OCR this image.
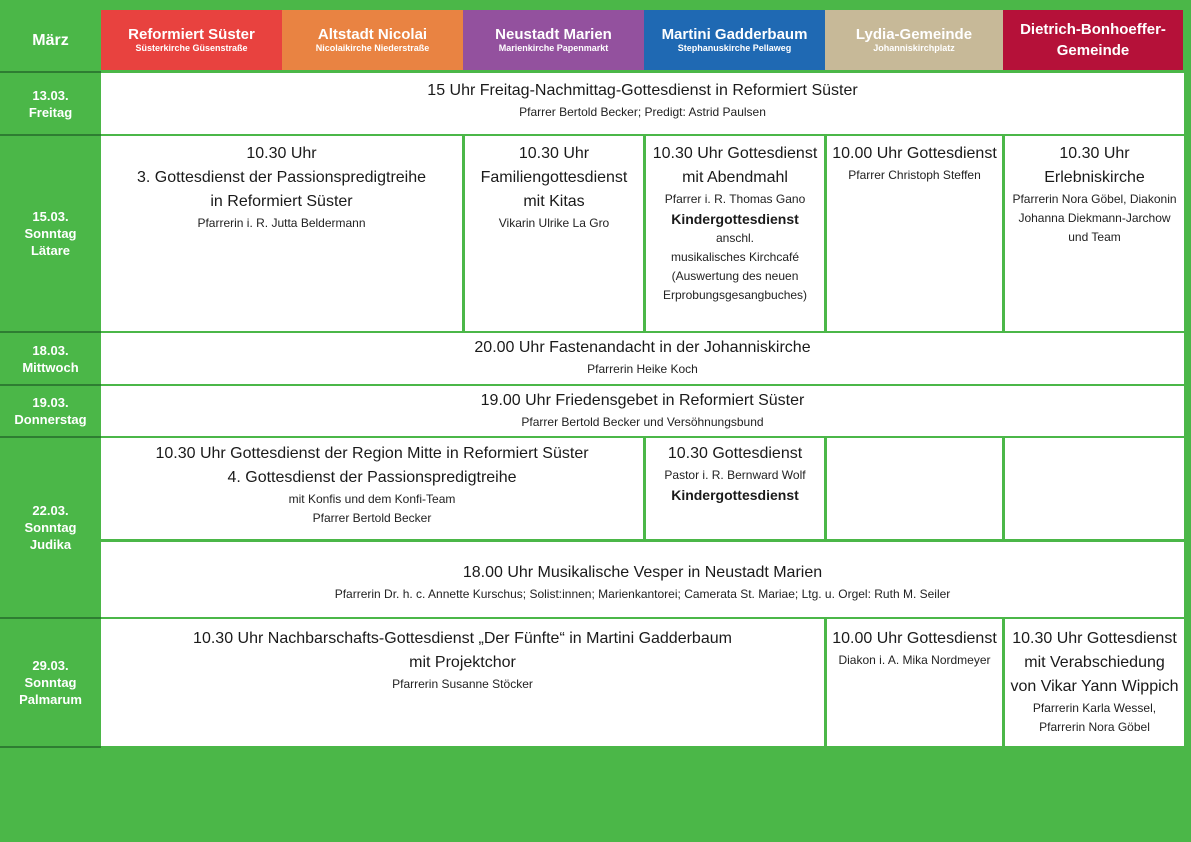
März	Reformiert Süster
Süsterkirche Güsenstraße
Altstadt Nicolai
Nicolaikirche Niederstraße
Neustadt Marien
Marienkirche Papenmarkt
Martini Gadderbaum
Stephanuskirche Pellaweg
Lydia-Gemeinde
Johanniskirchplatz
Dietrich-Bonhoeffer-Gemeinde
13.03.
Freitag
15 Uhr Freitag-Nachmittag-Gottesdienst in Reformiert Süster
Pfarrer Bertold Becker; Predigt: Astrid Paulsen
15.03.
Sonntag
Lätare
10.30 Uhr
3. Gottesdienst der Passionspredigtreihe
in Reformiert Süster
Pfarrerin i. R. Jutta Beldermann
10.30 Uhr
Familiengottesdienst
mit Kitas
Vikarin Ulrike La Gro
10.30 Uhr Gottesdienst
mit Abendmahl
Pfarrer i. R. Thomas Gano
Kindergottesdienst
anschl.
musikalisches Kirchcafé
(Auswertung des neuen
Erprobungsgesangbuches)
10.00 Uhr Gottesdienst
Pfarrer Christoph Steffen
10.30 Uhr
Erlebniskirche
Pfarrerin Nora Göbel, Diakonin
Johanna Diekmann-Jarchow
und Team
18.03.
Mittwoch
20.00 Uhr Fastenandacht in der Johanniskirche
Pfarrerin Heike Koch
19.03.
Donnerstag
19.00 Uhr Friedensgebet in Reformiert Süster
Pfarrer Bertold Becker und Versöhnungsbund
22.03.
Sonntag
Judika
10.30 Uhr Gottesdienst der Region Mitte in Reformiert Süster
4. Gottesdienst der Passionspredigtreihe
mit Konfis und dem Konfi-Team
Pfarrer Bertold Becker
10.30 Gottesdienst
Pastor i. R. Bernward Wolf
Kindergottesdienst
18.00 Uhr Musikalische Vesper in Neustadt Marien
Pfarrerin Dr. h. c. Annette Kurschus; Solist:innen; Marienkantorei; Camerata St. Mariae; Ltg. u. Orgel: Ruth M. Seiler
29.03.
Sonntag
Palmarum
10.30 Uhr Nachbarschafts-Gottesdienst „Der Fünfte“ in Martini Gadderbaum
mit Projektchor
Pfarrerin Susanne Stöcker
10.00 Uhr Gottesdienst
Diakon i. A. Mika Nordmeyer
10.30 Uhr Gottesdienst
mit Verabschiedung
von Vikar Yann Wippich
Pfarrerin Karla Wessel,
Pfarrerin Nora Göbel
